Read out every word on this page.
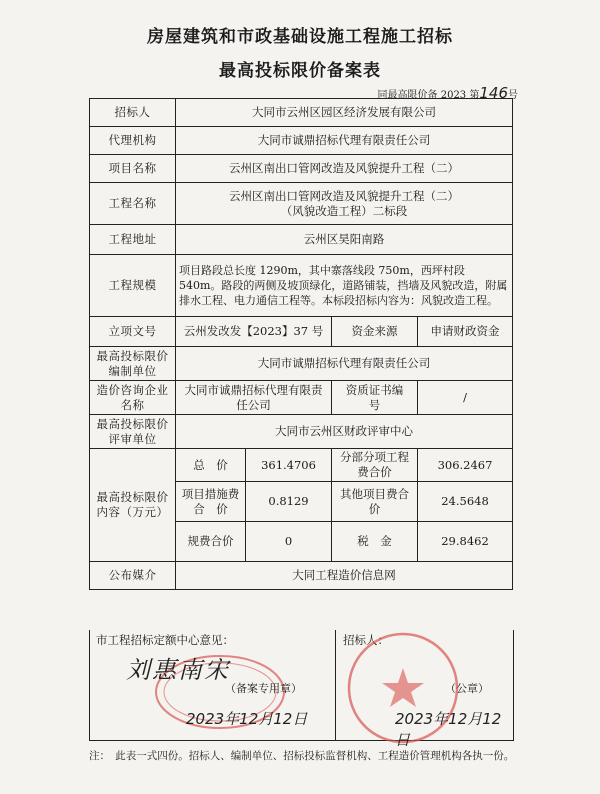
房屋建筑和市政基础设施工程施工招标
最高投标限价备案表
同最高限价备 2023 第146号
招标人	大同市云州区园区经济发展有限公司			
代理机构	大同市诚鼎招标代理有限责任公司			
项目名称	云州区南出口管网改造及风貌提升工程（二）			
工程名称	云州区南出口管网改造及风貌提升工程（二）
（风貌改造工程）二标段			

工程地址	云州区昊阳南路			
工程规模	项目路段总长度 1290m，其中寨落线段 750m，西坪村段 540m。路段的两侧及坡顶绿化，道路铺装，挡墙及风貌改造，附属排水工程、电力通信工程等。本标段招标内容为：风貌改造工程。			
立项文号	云州发改发【2023】37 号		资金来源	申请财政资金
最高投标限价编制单位	大同市诚鼎招标代理有限责任公司			
造价咨询企业名称	大同市诚鼎招标代理有限责任公司		资质证书编　　号	/
最高投标限价评审单位	大同市云州区财政评审中心			
最高投标限价内容（万元）	总　价	361.4706	分部分项工程费合价	306.2467
	项目措施费合　价	0.8129	其他项目费合价	24.5648
	规费合价	0	税　金	29.8462
公布媒介	大同工程造价信息网			
市工程招标定额中心意见：
刘惠南宋
（备案专用章）
2023年12月12日
招标人：
（公章）
2023年12月12日
注：　此表一式四份。招标人、编制单位、招标投标监督机构、工程造价管理机构各执一份。
